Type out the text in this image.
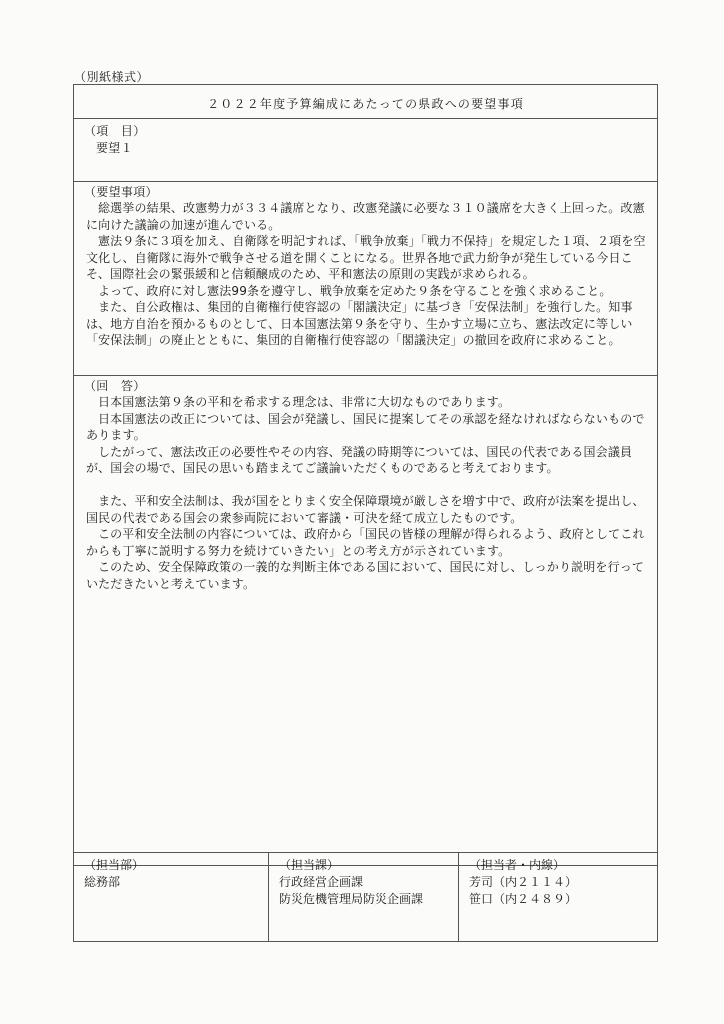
（別紙様式）
２０２２年度予算編成にあたっての県政への要望事項
（項　目）
要望１
（要望事項）

総選挙の結果、改憲勢力が３３４議席となり、改憲発議に必要な３１０議席を大きく上回った。改憲に向けた議論の加速が進んでいる。

憲法９条に３項を加え、自衛隊を明記すれば、「戦争放棄」「戦力不保持」を規定した１項、２項を空文化し、自衛隊に海外で戦争させる道を開くことになる。世界各地で武力紛争が発生している今日こそ、国際社会の緊張緩和と信頼醸成のため、平和憲法の原則の実践が求められる。

よって、政府に対し憲法99条を遵守し、戦争放棄を定めた９条を守ることを強く求めること。

また、自公政権は、集団的自衛権行使容認の「閣議決定」に基づき「安保法制」を強行した。知事は、地方自治を預かるものとして、日本国憲法第９条を守り、生かす立場に立ち、憲法改定に等しい「安保法制」の廃止とともに、集団的自衛権行使容認の「閣議決定」の撤回を政府に求めること。

（回　答）

日本国憲法第９条の平和を希求する理念は、非常に大切なものであります。

日本国憲法の改正については、国会が発議し、国民に提案してその承認を経なければならないものであります。

したがって、憲法改正の必要性やその内容、発議の時期等については、国民の代表である国会議員が、国会の場で、国民の思いも踏まえてご議論いただくものであると考えております。

また、平和安全法制は、我が国をとりまく安全保障環境が厳しさを増す中で、政府が法案を提出し、国民の代表である国会の衆参両院において審議・可決を経て成立したものです。

この平和安全法制の内容については、政府から「国民の皆様の理解が得られるよう、政府としてこれからも丁寧に説明する努力を続けていきたい」との考え方が示されています。

このため、安全保障政策の一義的な判断主体である国において、国民に対し、しっかり説明を行っていただきたいと考えています。

（担当部）

総務部

（担当課）

行政経営企画課

防災危機管理局防災企画課

（担当者・内線）

芳司（内２１１４）

笹口（内２４８９）
